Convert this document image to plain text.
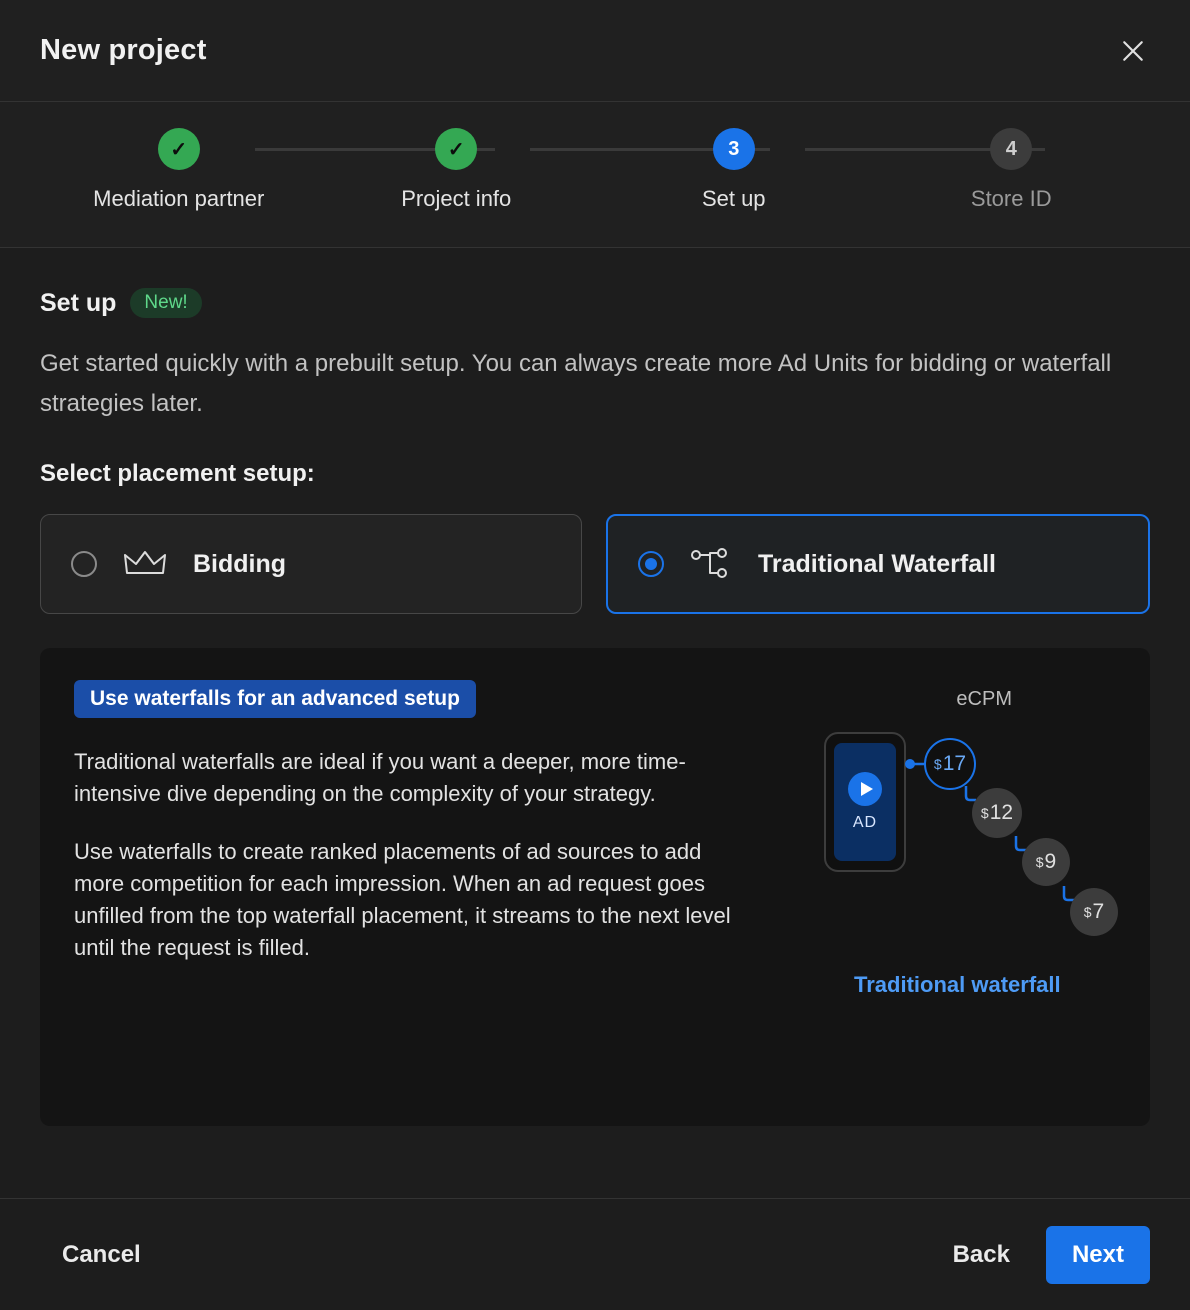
New project
✓
Mediation partner
✓
Project info
3
Set up
4
Store ID
Set up	New!
Get started quickly with a prebuilt setup. You can always create more Ad Units for bidding or waterfall strategies later.
Select placement setup:
Bidding	Traditional Waterfall
Use waterfalls for an advanced setup
Traditional waterfalls are ideal if you want a deeper, more time-intensive dive depending on the complexity of your strategy.
Use waterfalls to create ranked placements of ad sources to add more competition for each impression. When an ad request goes unfilled from the top waterfall placement, it streams to the next level until the request is filled.
eCPM
AD
$ 17
$ 12
$ 9
$ 7
Traditional waterfall
Cancel	Back	Next
